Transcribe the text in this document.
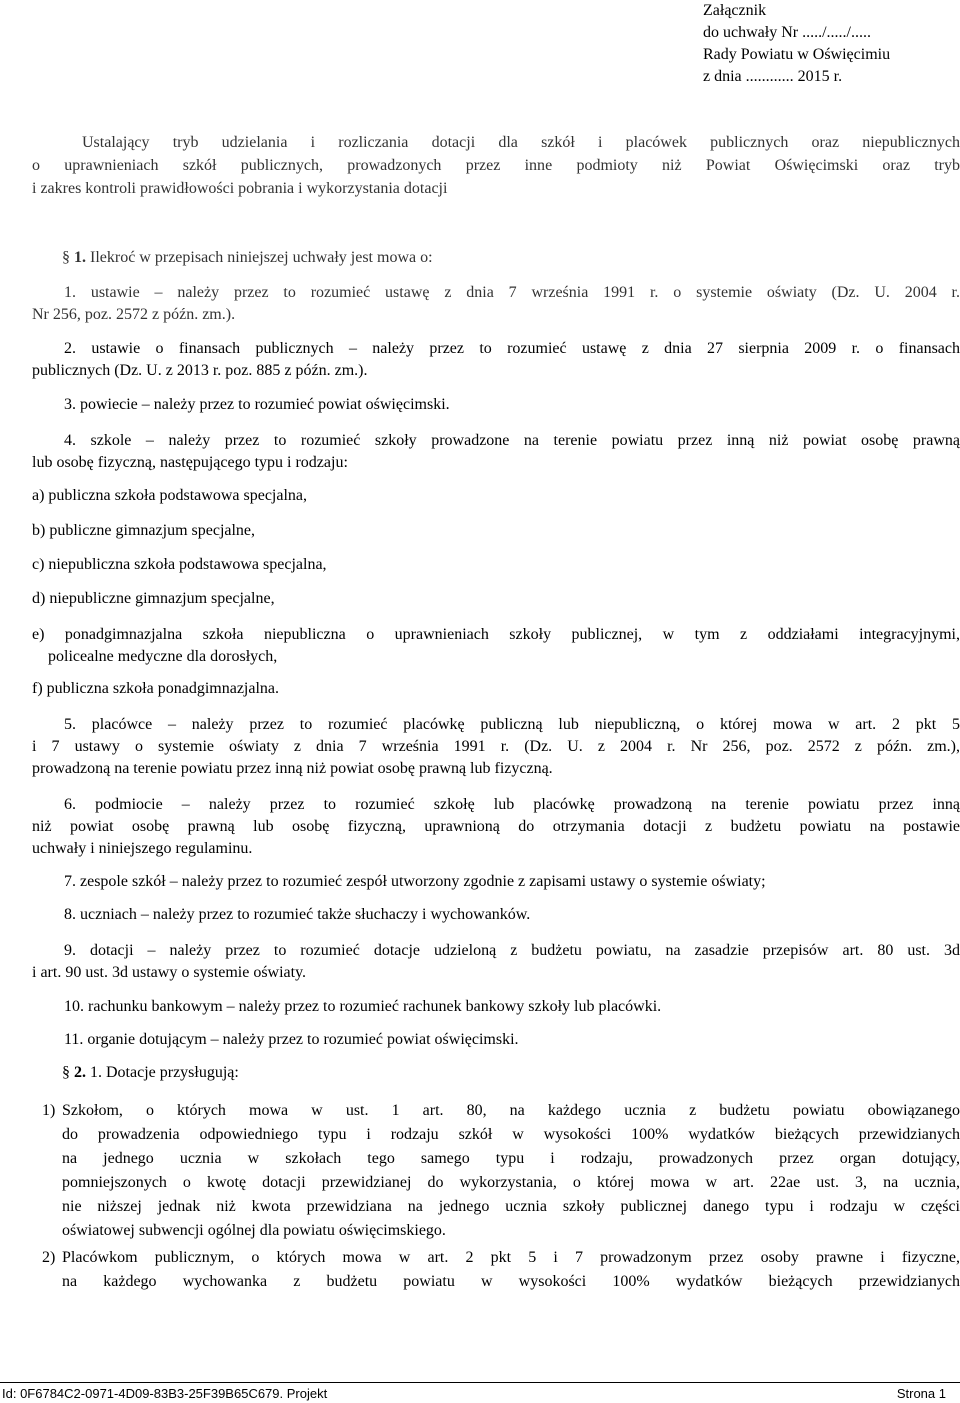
Załącznik
do uchwały Nr ...../...../.....
Rady Powiatu w Oświęcimiu
z dnia ............ 2015 r.
Ustalający tryb udzielania i rozliczania dotacji dla szkół i placówek publicznych oraz niepublicznych
o uprawnieniach szkół publicznych, prowadzonych przez inne podmioty niż Powiat Oświęcimski oraz tryb
i zakres kontroli prawidłowości pobrania i wykorzystania dotacji
§ 1. Ilekroć w przepisach niniejszej uchwały jest mowa o:
1. ustawie – należy przez to rozumieć ustawę z dnia 7 września 1991 r. o systemie oświaty (Dz. U. 2004 r.
Nr 256, poz. 2572 z późn. zm.).
2. ustawie o finansach publicznych – należy przez to rozumieć ustawę z dnia 27 sierpnia 2009 r. o finansach
publicznych (Dz. U. z 2013 r. poz. 885 z późn. zm.).
3. powiecie – należy przez to rozumieć powiat oświęcimski.
4. szkole – należy przez to rozumieć szkoły prowadzone na terenie powiatu przez inną niż powiat osobę prawną
lub osobę fizyczną, następującego typu i rodzaju:
a) publiczna szkoła podstawowa specjalna,
b) publiczne gimnazjum specjalne,
c) niepubliczna szkoła podstawowa specjalna,
d) niepubliczne gimnazjum specjalne,
e) ponadgimnazjalna szkoła niepubliczna o uprawnieniach szkoły publicznej, w tym z oddziałami integracyjnymi,
policealne medyczne dla dorosłych,
f) publiczna szkoła ponadgimnazjalna.
5. placówce – należy przez to rozumieć placówkę publiczną lub niepubliczną, o której mowa w art. 2 pkt 5
i 7 ustawy o systemie oświaty z dnia 7 września 1991 r. (Dz. U. z 2004 r. Nr 256, poz. 2572 z późn. zm.),
prowadzoną na terenie powiatu przez inną niż powiat osobę prawną lub fizyczną.
6. podmiocie – należy przez to rozumieć szkołę lub placówkę prowadzoną na terenie powiatu przez inną
niż powiat osobę prawną lub osobę fizyczną, uprawnioną do otrzymania dotacji z budżetu powiatu na postawie
uchwały i niniejszego regulaminu.
7. zespole szkół – należy przez to rozumieć zespół utworzony zgodnie z zapisami ustawy o systemie oświaty;
8. uczniach – należy przez to rozumieć także słuchaczy i wychowanków.
9. dotacji – należy przez to rozumieć dotacje udzieloną z budżetu powiatu, na zasadzie przepisów art. 80 ust. 3d
i art. 90 ust. 3d ustawy o systemie oświaty.
10. rachunku bankowym – należy przez to rozumieć rachunek bankowy szkoły lub placówki.
11. organie dotującym – należy przez to rozumieć powiat oświęcimski.
§ 2. 1. Dotacje przysługują:
1) Szkołom, o których mowa w ust. 1 art. 80, na każdego ucznia z budżetu powiatu obowiązanego
do prowadzenia odpowiedniego typu i rodzaju szkół w wysokości 100% wydatków bieżących przewidzianych
na jednego ucznia w szkołach tego samego typu i rodzaju, prowadzonych przez organ dotujący,
pomniejszonych o kwotę dotacji przewidzianej do wykorzystania, o której mowa w art. 22ae ust. 3, na ucznia,
nie niższej jednak niż kwota przewidziana na jednego ucznia szkoły publicznej danego typu i rodzaju w części
oświatowej subwencji ogólnej dla powiatu oświęcimskiego.
2) Placówkom publicznym, o których mowa w art. 2 pkt 5 i 7 prowadzonym przez osoby prawne i fizyczne,
na każdego wychowanka z budżetu powiatu w wysokości 100% wydatków bieżących przewidzianych
Id: 0F6784C2-0971-4D09-83B3-25F39B65C679. Projekt	Strona 1
